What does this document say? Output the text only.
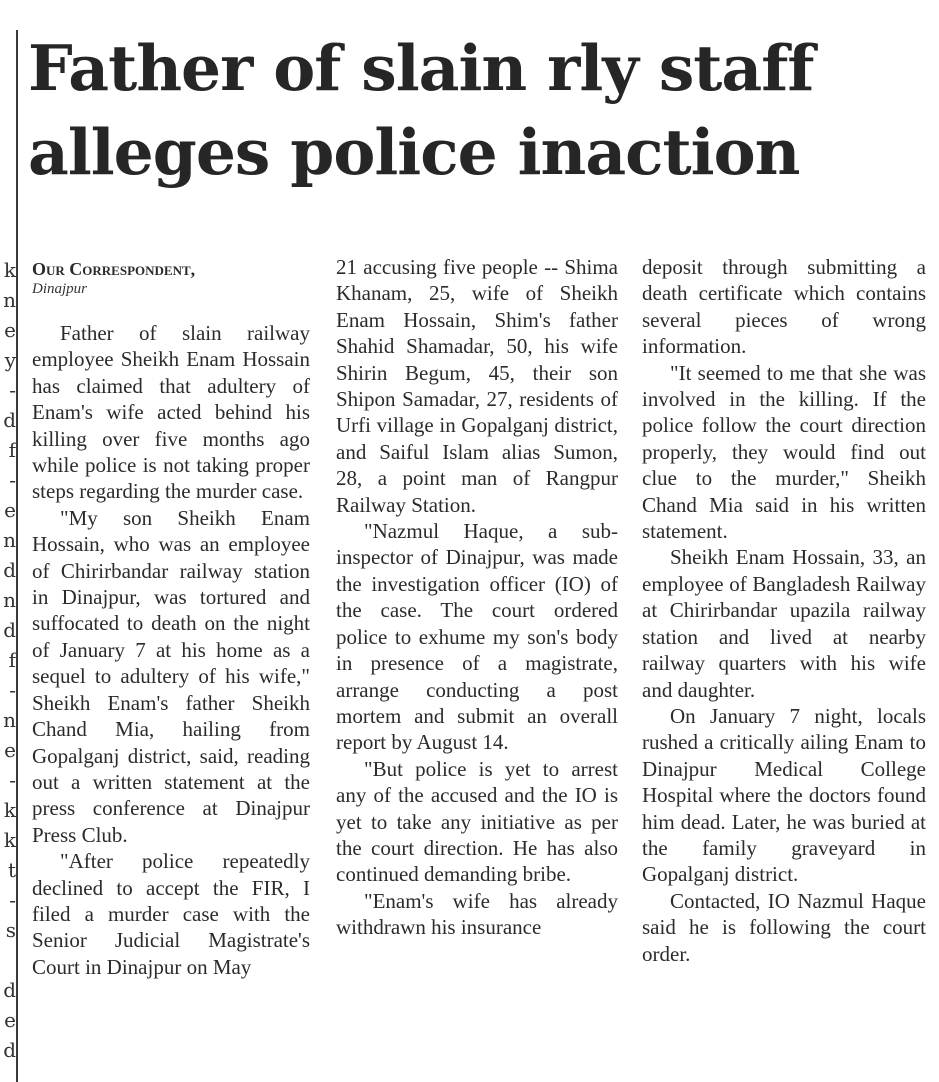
k
n
e
y
-
d
f
-
e
n
d
n
d
f
-
n
e
-
k
k
t
-
s
d
e
d
Father of slain rly staff
alleges police inaction
Our Correspondent,
Dinajpur

Father of slain railway employee Sheikh Enam Hossain has claimed that adultery of Enam's wife acted behind his killing over five months ago while police is not taking proper steps regarding the murder case.

"My son Sheikh Enam Hossain, who was an employee of Chirirbandar railway station in Dinajpur, was tortured and suffocated to death on the night of January 7 at his home as a sequel to adultery of his wife," Sheikh Enam's father Sheikh Chand Mia, hailing from Gopalganj district, said, reading out a written statement at the press conference at Dinajpur Press Club.

"After police repeatedly declined to accept the FIR, I filed a murder case with the Senior Judicial Magistrate's Court in Dinajpur on May

21 accusing five people -- Shima Khanam, 25, wife of Sheikh Enam Hossain, Shim's father Shahid Shamadar, 50, his wife Shirin Begum, 45, their son Shipon Samadar, 27, residents of Urfi village in Gopalganj district, and Saiful Islam alias Sumon, 28, a point man of Rangpur Railway Station.

"Nazmul Haque, a sub-inspector of Dinajpur, was made the investigation officer (IO) of the case. The court ordered police to exhume my son's body in presence of a magistrate, arrange conducting a post mortem and submit an overall report by August 14.

"But police is yet to arrest any of the accused and the IO is yet to take any initiative as per the court direction. He has also continued demanding bribe.

"Enam's wife has already withdrawn his insurance

deposit through submitting a death certificate which contains several pieces of wrong information.

"It seemed to me that she was involved in the killing. If the police follow the court direction properly, they would find out clue to the murder," Sheikh Chand Mia said in his written statement.

Sheikh Enam Hossain, 33, an employee of Bangladesh Railway at Chirirbandar upazila railway station and lived at nearby railway quarters with his wife and daughter.

On January 7 night, locals rushed a critically ailing Enam to Dinajpur Medical College Hospital where the doctors found him dead. Later, he was buried at the family graveyard in Gopalganj district.

Contacted, IO Nazmul Haque said he is following the court order.
